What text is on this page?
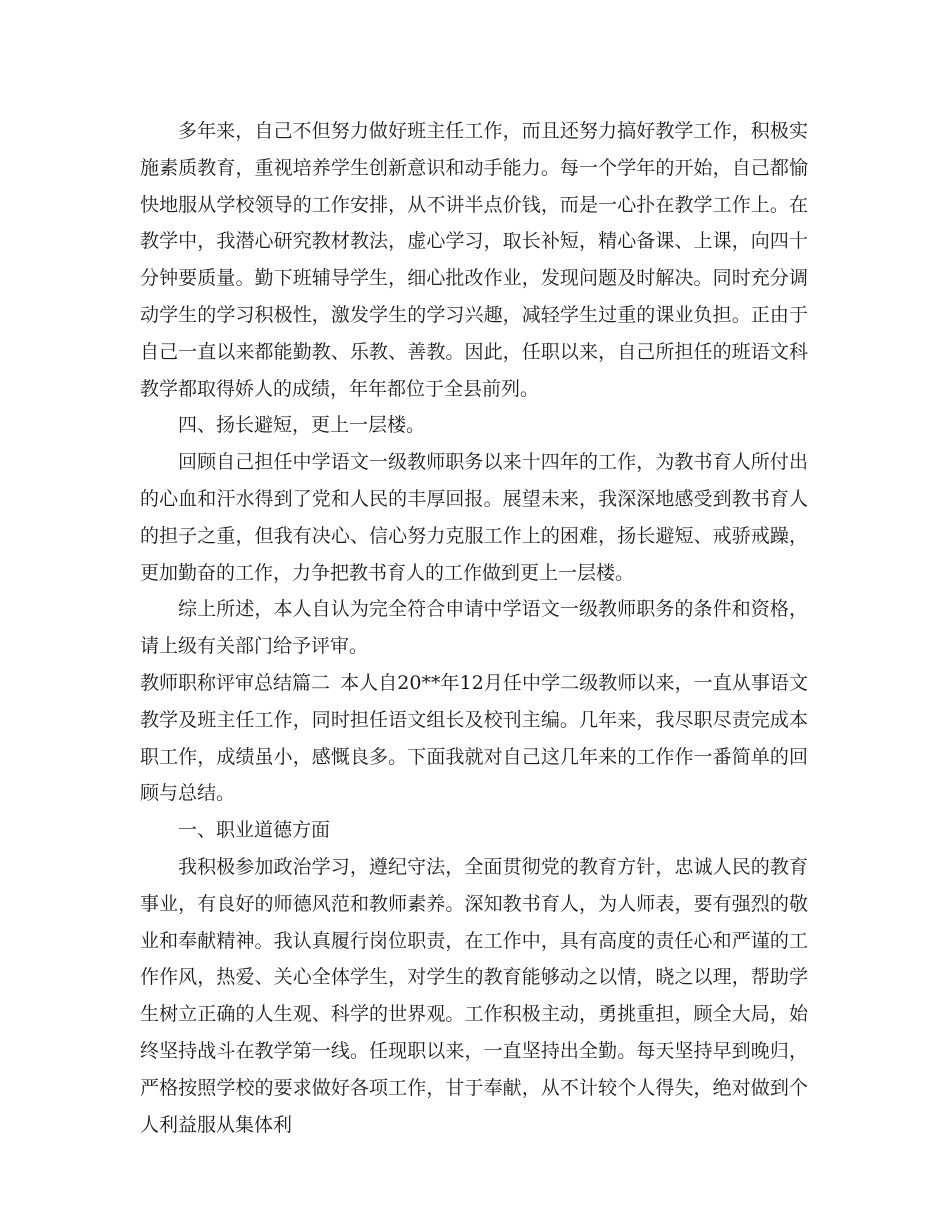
多年来，自己不但努力做好班主任工作，而且还努力搞好教学工作，积极实施素质教育，重视培养学生创新意识和动手能力。每一个学年的开始，自己都愉快地服从学校领导的工作安排，从不讲半点价钱，而是一心扑在教学工作上。在教学中，我潜心研究教材教法，虚心学习，取长补短，精心备课、上课，向四十分钟要质量。勤下班辅导学生，细心批改作业，发现问题及时解决。同时充分调动学生的学习积极性，激发学生的学习兴趣，减轻学生过重的课业负担。正由于自己一直以来都能勤教、乐教、善教。因此，任职以来，自己所担任的班语文科教学都取得娇人的成绩，年年都位于全县前列。

四、扬长避短，更上一层楼。

回顾自己担任中学语文一级教师职务以来十四年的工作，为教书育人所付出的心血和汗水得到了党和人民的丰厚回报。展望未来，我深深地感受到教书育人的担子之重，但我有决心、信心努力克服工作上的困难，扬长避短、戒骄戒躁，更加勤奋的工作，力争把教书育人的工作做到更上一层楼。

综上所述，本人自认为完全符合申请中学语文一级教师职务的条件和资格，请上级有关部门给予评审。

教师职称评审总结篇二 本人自20**年12月任中学二级教师以来，一直从事语文教学及班主任工作，同时担任语文组长及校刊主编。几年来，我尽职尽责完成本职工作，成绩虽小，感慨良多。下面我就对自己这几年来的工作作一番简单的回顾与总结。

一、职业道德方面

我积极参加政治学习，遵纪守法，全面贯彻党的教育方针，忠诚人民的教育事业，有良好的师德风范和教师素养。深知教书育人，为人师表，要有强烈的敬业和奉献精神。我认真履行岗位职责，在工作中，具有高度的责任心和严谨的工作作风，热爱、关心全体学生，对学生的教育能够动之以情，晓之以理，帮助学生树立正确的人生观、科学的世界观。工作积极主动，勇挑重担，顾全大局，始终坚持战斗在教学第一线。任现职以来，一直坚持出全勤。每天坚持早到晚归，严格按照学校的要求做好各项工作，甘于奉献，从不计较个人得失，绝对做到个人利益服从集体利
